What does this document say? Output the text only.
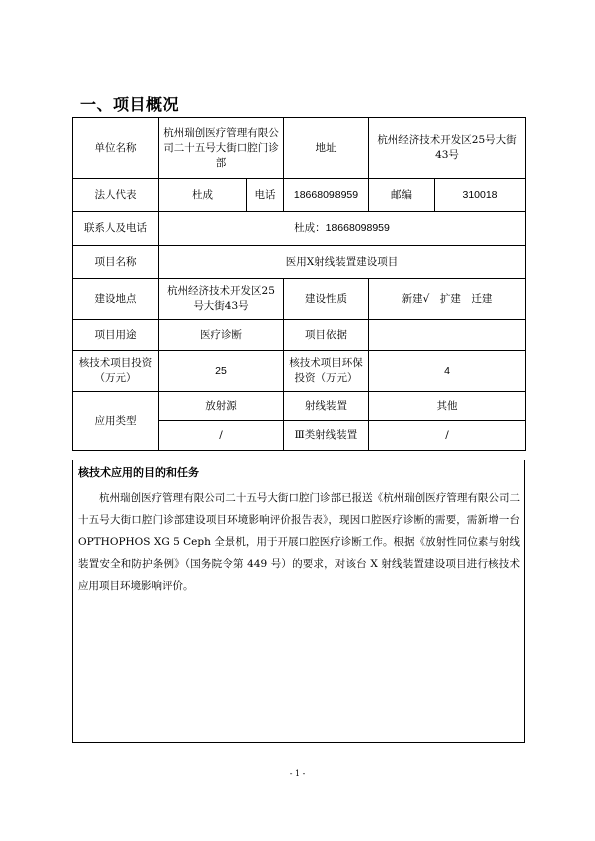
一、项目概况
单位名称	杭州瑞创医疗管理有限公司二十五号大街口腔门诊部		地址	杭州经济技术开发区25号大街43号	
法人代表	杜成	电话	18668098959	邮编	310018
联系人及电话	杜成：18668098959				
项目名称	医用X射线装置建设项目				
建设地点	杭州经济技术开发区25号大街43号		建设性质	新建√　扩建　迁建	
项目用途	医疗诊断		项目依据		
核技术项目投资（万元）	25		核技术项目环保投资（万元）	4	
应用类型	放射源		射线装置	其他	
	/		Ⅲ类射线装置	/	
核技术应用的目的和任务
杭州瑞创医疗管理有限公司二十五号大街口腔门诊部已报送《杭州瑞创医疗管理有限公司二十五号大街口腔门诊部建设项目环境影响评价报告表》，现因口腔医疗诊断的需要，需新增一台 OPTHOPHOS XG 5 Ceph 全景机，用于开展口腔医疗诊断工作。根据《放射性同位素与射线装置安全和防护条例》（国务院令第 449 号）的要求，对该台 X 射线装置建设项目进行核技术应用项目环境影响评价。
- 1 -
